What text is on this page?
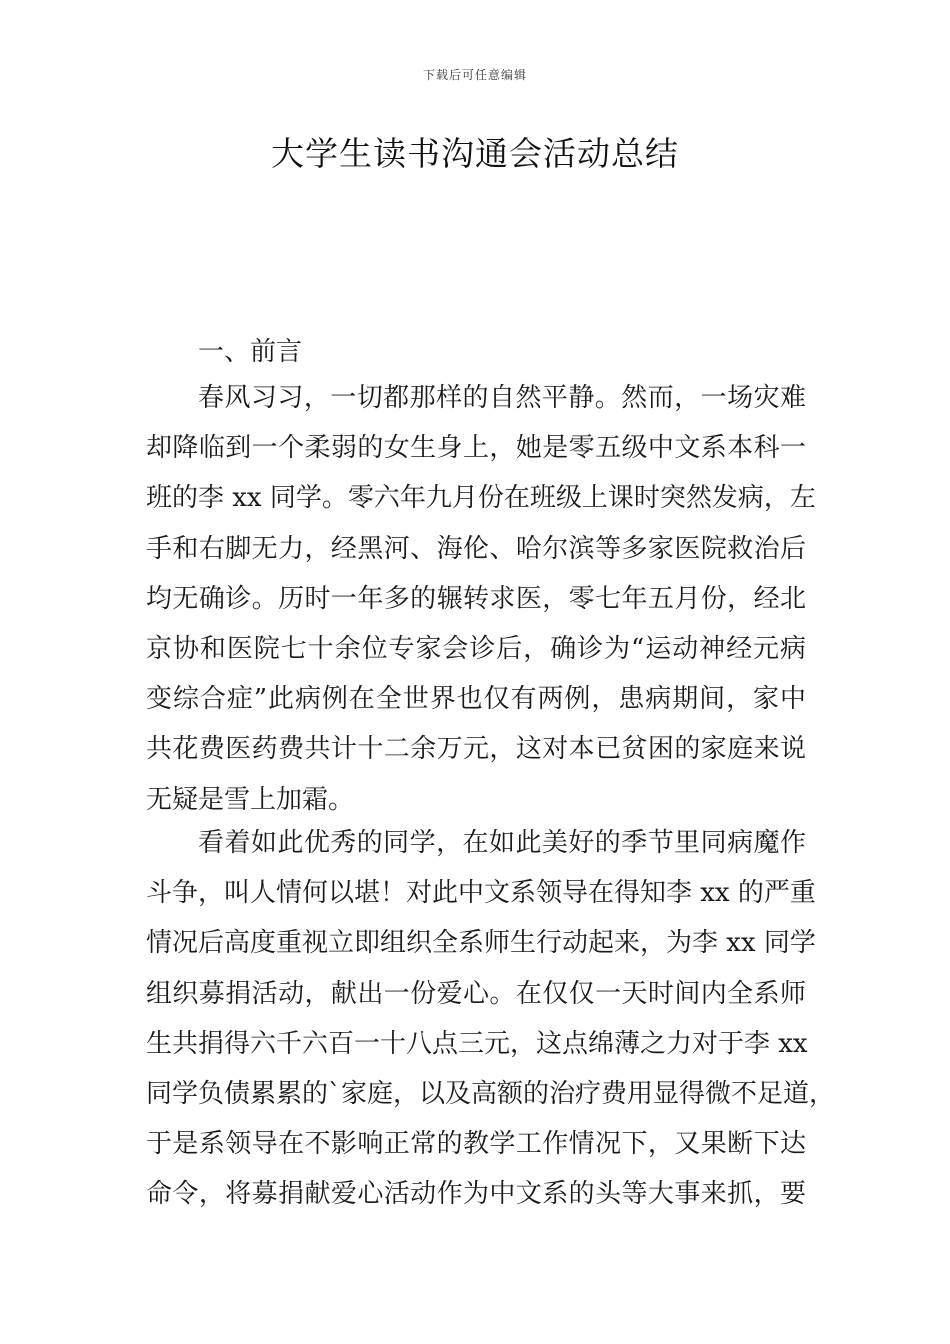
下载后可任意编辑
大学生读书沟通会活动总结

一、前言

春风习习，一切都那样的自然平静。然而，一场灾难
却降临到一个柔弱的女生身上，她是零五级中文系本科一
班的李 xx 同学。零六年九月份在班级上课时突然发病，左
手和右脚无力，经黑河、海伦、哈尔滨等多家医院救治后
均无确诊。历时一年多的辗转求医，零七年五月份，经北
京协和医院七十余位专家会诊后，确诊为“运动神经元病
变综合症”此病例在全世界也仅有两例，患病期间，家中
共花费医药费共计十二余万元，这对本已贫困的家庭来说
无疑是雪上加霜。
看着如此优秀的同学，在如此美好的季节里同病魔作
斗争，叫人情何以堪！对此中文系领导在得知李 xx 的严重
情况后高度重视立即组织全系师生行动起来，为李 xx 同学
组织募捐活动，献出一份爱心。在仅仅一天时间内全系师
生共捐得六千六百一十八点三元，这点绵薄之力对于李 xx
同学负债累累的`家庭，以及高额的治疗费用显得微不足道，
于是系领导在不影响正常的教学工作情况下，又果断下达
命令，将募捐献爱心活动作为中文系的头等大事来抓，要
